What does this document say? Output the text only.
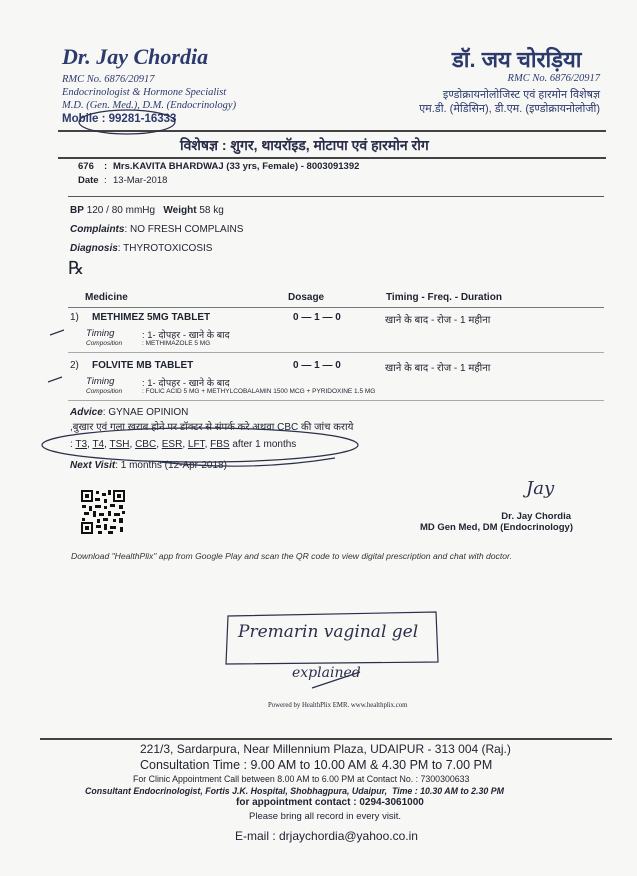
Dr. Jay Chordia
RMC No. 6876/20917
Endocrinologist & Hormone Specialist
M.D. (Gen. Med.), D.M. (Endocrinology)
Mobile : 99281-16333
डॉ. जय चोरड़िया
RMC No. 6876/20917
इण्डोक्रायनोलोजिस्ट एवं हारमोन विशेषज्ञ
एम.डी. (मेडिसिन), डी.एम. (इण्डोक्रायनोलोजी)
विशेषज्ञ : शुगर, थायरॉइड, मोटापा एवं हारमोन रोग
676 : Mrs.KAVITA BHARDWAJ (33 yrs, Female) - 8003091392
Date : 13-Mar-2018
BP 120 / 80 mmHg Weight 58 kg
Complaints: NO FRESH COMPLAINS
Diagnosis: THYROTOXICOSIS
℞
Medicine	Dosage	Timing - Freq. - Duration
1) METHIMEZ 5MG TABLET	0 — 1 — 0	खाने के बाद - रोज - 1 महीना
Timing	: 1- दोपहर - खाने के बाद
Composition	: METHIMAZOLE 5 MG
2) FOLVITE MB TABLET	0 — 1 — 0	खाने के बाद - रोज - 1 महीना
Timing	: 1- दोपहर - खाने के बाद
Composition	: FOLIC ACID 5 MG + METHYLCOBALAMIN 1500 MCG + PYRIDOXINE 1.5 MG
Advice: GYNAE OPINION
,बुखार एवं गला ख़राब होने पर डॉक्टर से संपर्क करे अथवा CBC की जांच कराये
: T3, T4, TSH, CBC, ESR, LFT, FBS after 1 months
Next Visit: 1 months (12-Apr-2018)
Jay
Dr. Jay Chordia
MD Gen Med, DM (Endocrinology)
Download "HealthPlix" app from Google Play and scan the QR code to view digital prescription and chat with doctor.
Premarin vaginal gel
explained
Powered by HealthPlix EMR. www.healthplix.com
221/3, Sardarpura, Near Millennium Plaza, UDAIPUR - 313 004 (Raj.)
Consultation Time : 9.00 AM to 10.00 AM & 4.30 PM to 7.00 PM
For Clinic Appointment Call between 8.00 AM to 6.00 PM at Contact No. : 7300300633
Consultant Endocrinologist, Fortis J.K. Hospital, Shobhagpura, Udaipur, Time : 10.30 AM to 2.30 PM
for appointment contact : 0294-3061000
Please bring all record in every visit.
E-mail : drjaychordia@yahoo.co.in
